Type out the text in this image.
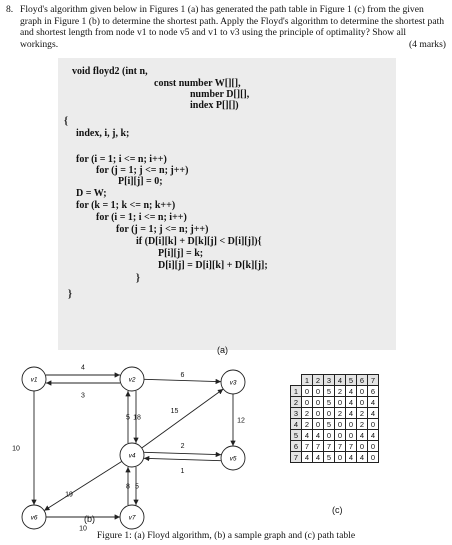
8. Floyd's algorithm given below in Figures 1 (a) has generated the path table in Figure 1 (c) from the given graph in Figure 1 (b) to determine the shortest path. Apply the Floyd's algorithm to determine the shortest path and shortest length from node v1 to node v5 and v1 to v3 using the principle of optimality? Show all workings.	(4 marks)
void floyd2 (int n,
const number W[][],
number D[][],
index P[][])
{
index, i, j, k;
for (i = 1; i <= n; i++)
for (j = 1; j <= n; j++)
P[i][j] = 0;
D = W;
for (k = 1; k <= n; k++)
for (i = 1; i <= n; i++)
for (j = 1; j <= n; j++)
if (D[i][k] + D[k][j] < D[i][j]){
P[i][j] = k;
D[i][j] = D[i][k] + D[k][j];
}
}
(a)
4
3
10
6
5 18
15
12
2
1
19
8 5
10
v1	v2	v3
v4	v5
v6	v7
(b)
	1	2	3	4	5	6	7
1	0	0	5	2	4	0	6
2	0	0	5	0	4	0	4
3	2	0	0	2	4	2	4
4	2	0	5	0	0	2	0
5	4	4	0	0	0	4	4
6	7	7	7	7	7	0	0
7	4	4	5	0	4	4	0
(c)
Figure 1: (a) Floyd algorithm, (b) a sample graph and (c) path table
